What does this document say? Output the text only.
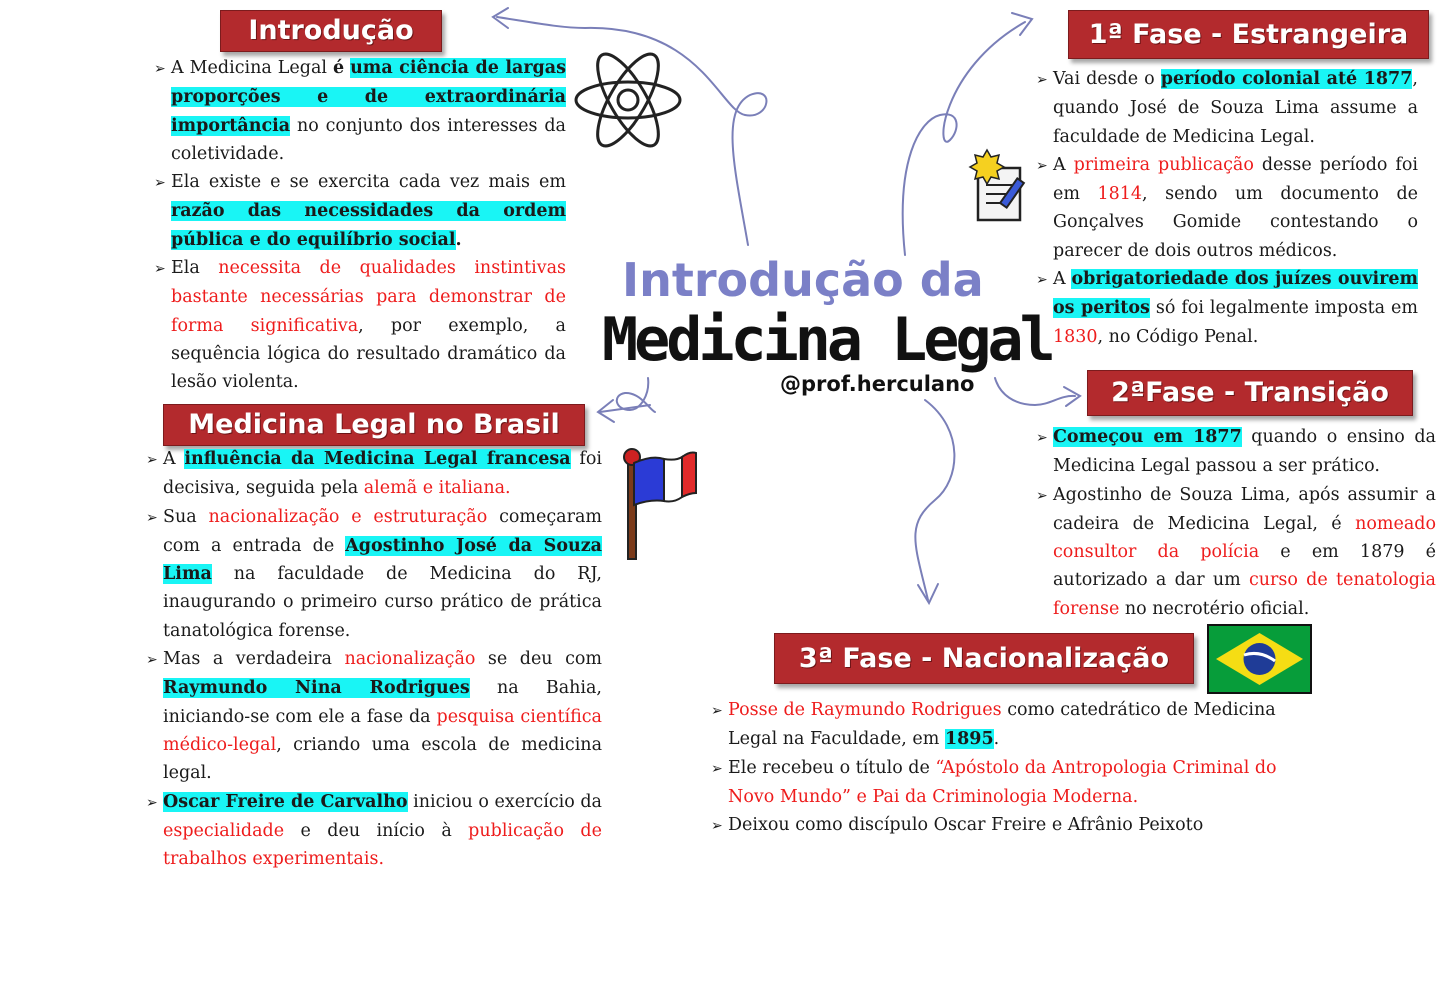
Introdução da
Medicina Legal
@prof.herculano
Introdução

➢ A Medicina Legal é uma ciência de largas proporções e de extraordinária importância no conjunto dos interesses da coletividade.

➢ Ela existe e se exercita cada vez mais em razão das necessidades da ordem pública e do equilíbrio social.

➢ Ela necessita de qualidades instintivas bastante necessárias para demonstrar de forma significativa, por exemplo, a sequência lógica do resultado dramático da lesão violenta.

Medicina Legal no Brasil

➢ A influência da Medicina Legal francesa foi decisiva, seguida pela alemã e italiana.

➢ Sua nacionalização e estruturação começaram com a entrada de Agostinho José da Souza Lima na faculdade de Medicina do RJ, inaugurando o primeiro curso prático de prática tanatológica forense.

➢ Mas a verdadeira nacionalização se deu com Raymundo Nina Rodrigues na Bahia, iniciando-se com ele a fase da pesquisa científica médico-legal, criando uma escola de medicina legal.

➢ Oscar Freire de Carvalho iniciou o exercício da especialidade e deu início à publicação de trabalhos experimentais.

1ª Fase - Estrangeira

➢ Vai desde o período colonial até 1877, quando José de Souza Lima assume a faculdade de Medicina Legal.

➢ A primeira publicação desse período foi em 1814, sendo um documento de Gonçalves Gomide contestando o parecer de dois outros médicos.

➢ A obrigatoriedade dos juízes ouvirem os peritos só foi legalmente imposta em 1830, no Código Penal.

2ªFase - Transição

➢ Começou em 1877 quando o ensino da Medicina Legal passou a ser prático.

➢ Agostinho de Souza Lima, após assumir a cadeira de Medicina Legal, é nomeado consultor da polícia e em 1879 é autorizado a dar um curso de tenatologia forense no necrotério oficial.

3ª Fase - Nacionalização

➢ Posse de Raymundo Rodrigues como catedrático de Medicina Legal na Faculdade, em 1895.

➢ Ele recebeu o título de “Apóstolo da Antropologia Criminal do Novo Mundo” e Pai da Criminologia Moderna.

➢ Deixou como discípulo Oscar Freire e Afrânio Peixoto
